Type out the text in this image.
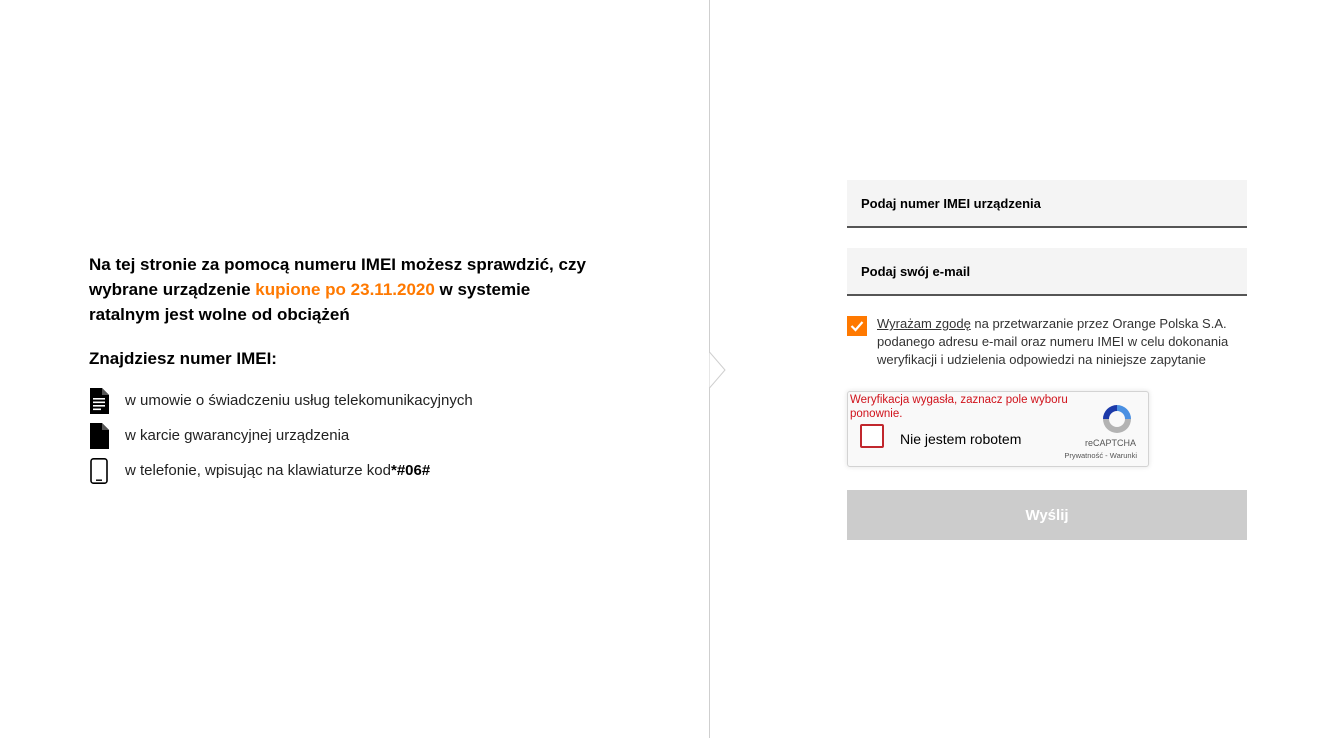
Na tej stronie za pomocą numeru IMEI możesz sprawdzić, czy wybrane urządzenie kupione po 23.11.2020 w systemie ratalnym jest wolne od obciążeń

Znajdziesz numer IMEI:
w umowie o świadczeniu usług telekomunikacyjnych
w karcie gwarancyjnej urządzenia
w telefonie, wpisując na klawiaturze kod*#06#
Podaj numer IMEI urządzenia
Podaj swój e-mail
Wyrażam zgodę na przetwarzanie przez Orange Polska S.A. podanego adresu e-mail oraz numeru IMEI w celu dokonania weryfikacji i udzielenia odpowiedzi na niniejsze zapytanie
Weryfikacja wygasła, zaznacz pole wyboru ponownie.
Nie jestem robotem	reCAPTCHA
Prywatność - Warunki
Wyślij
